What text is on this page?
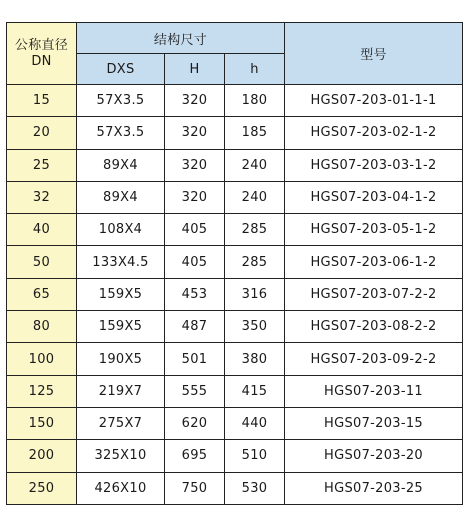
公称直径
DN	结构尺寸			型号
	DXS	H	h	
15	57X3.5	320	180	HGS07-203-01-1-1
20	57X3.5	320	185	HGS07-203-02-1-2
25	89X4	320	240	HGS07-203-03-1-2
32	89X4	320	240	HGS07-203-04-1-2
40	108X4	405	285	HGS07-203-05-1-2
50	133X4.5	405	285	HGS07-203-06-1-2
65	159X5	453	316	HGS07-203-07-2-2
80	159X5	487	350	HGS07-203-08-2-2
100	190X5	501	380	HGS07-203-09-2-2
125	219X7	555	415	HGS07-203-11
150	275X7	620	440	HGS07-203-15
200	325X10	695	510	HGS07-203-20
250	426X10	750	530	HGS07-203-25
